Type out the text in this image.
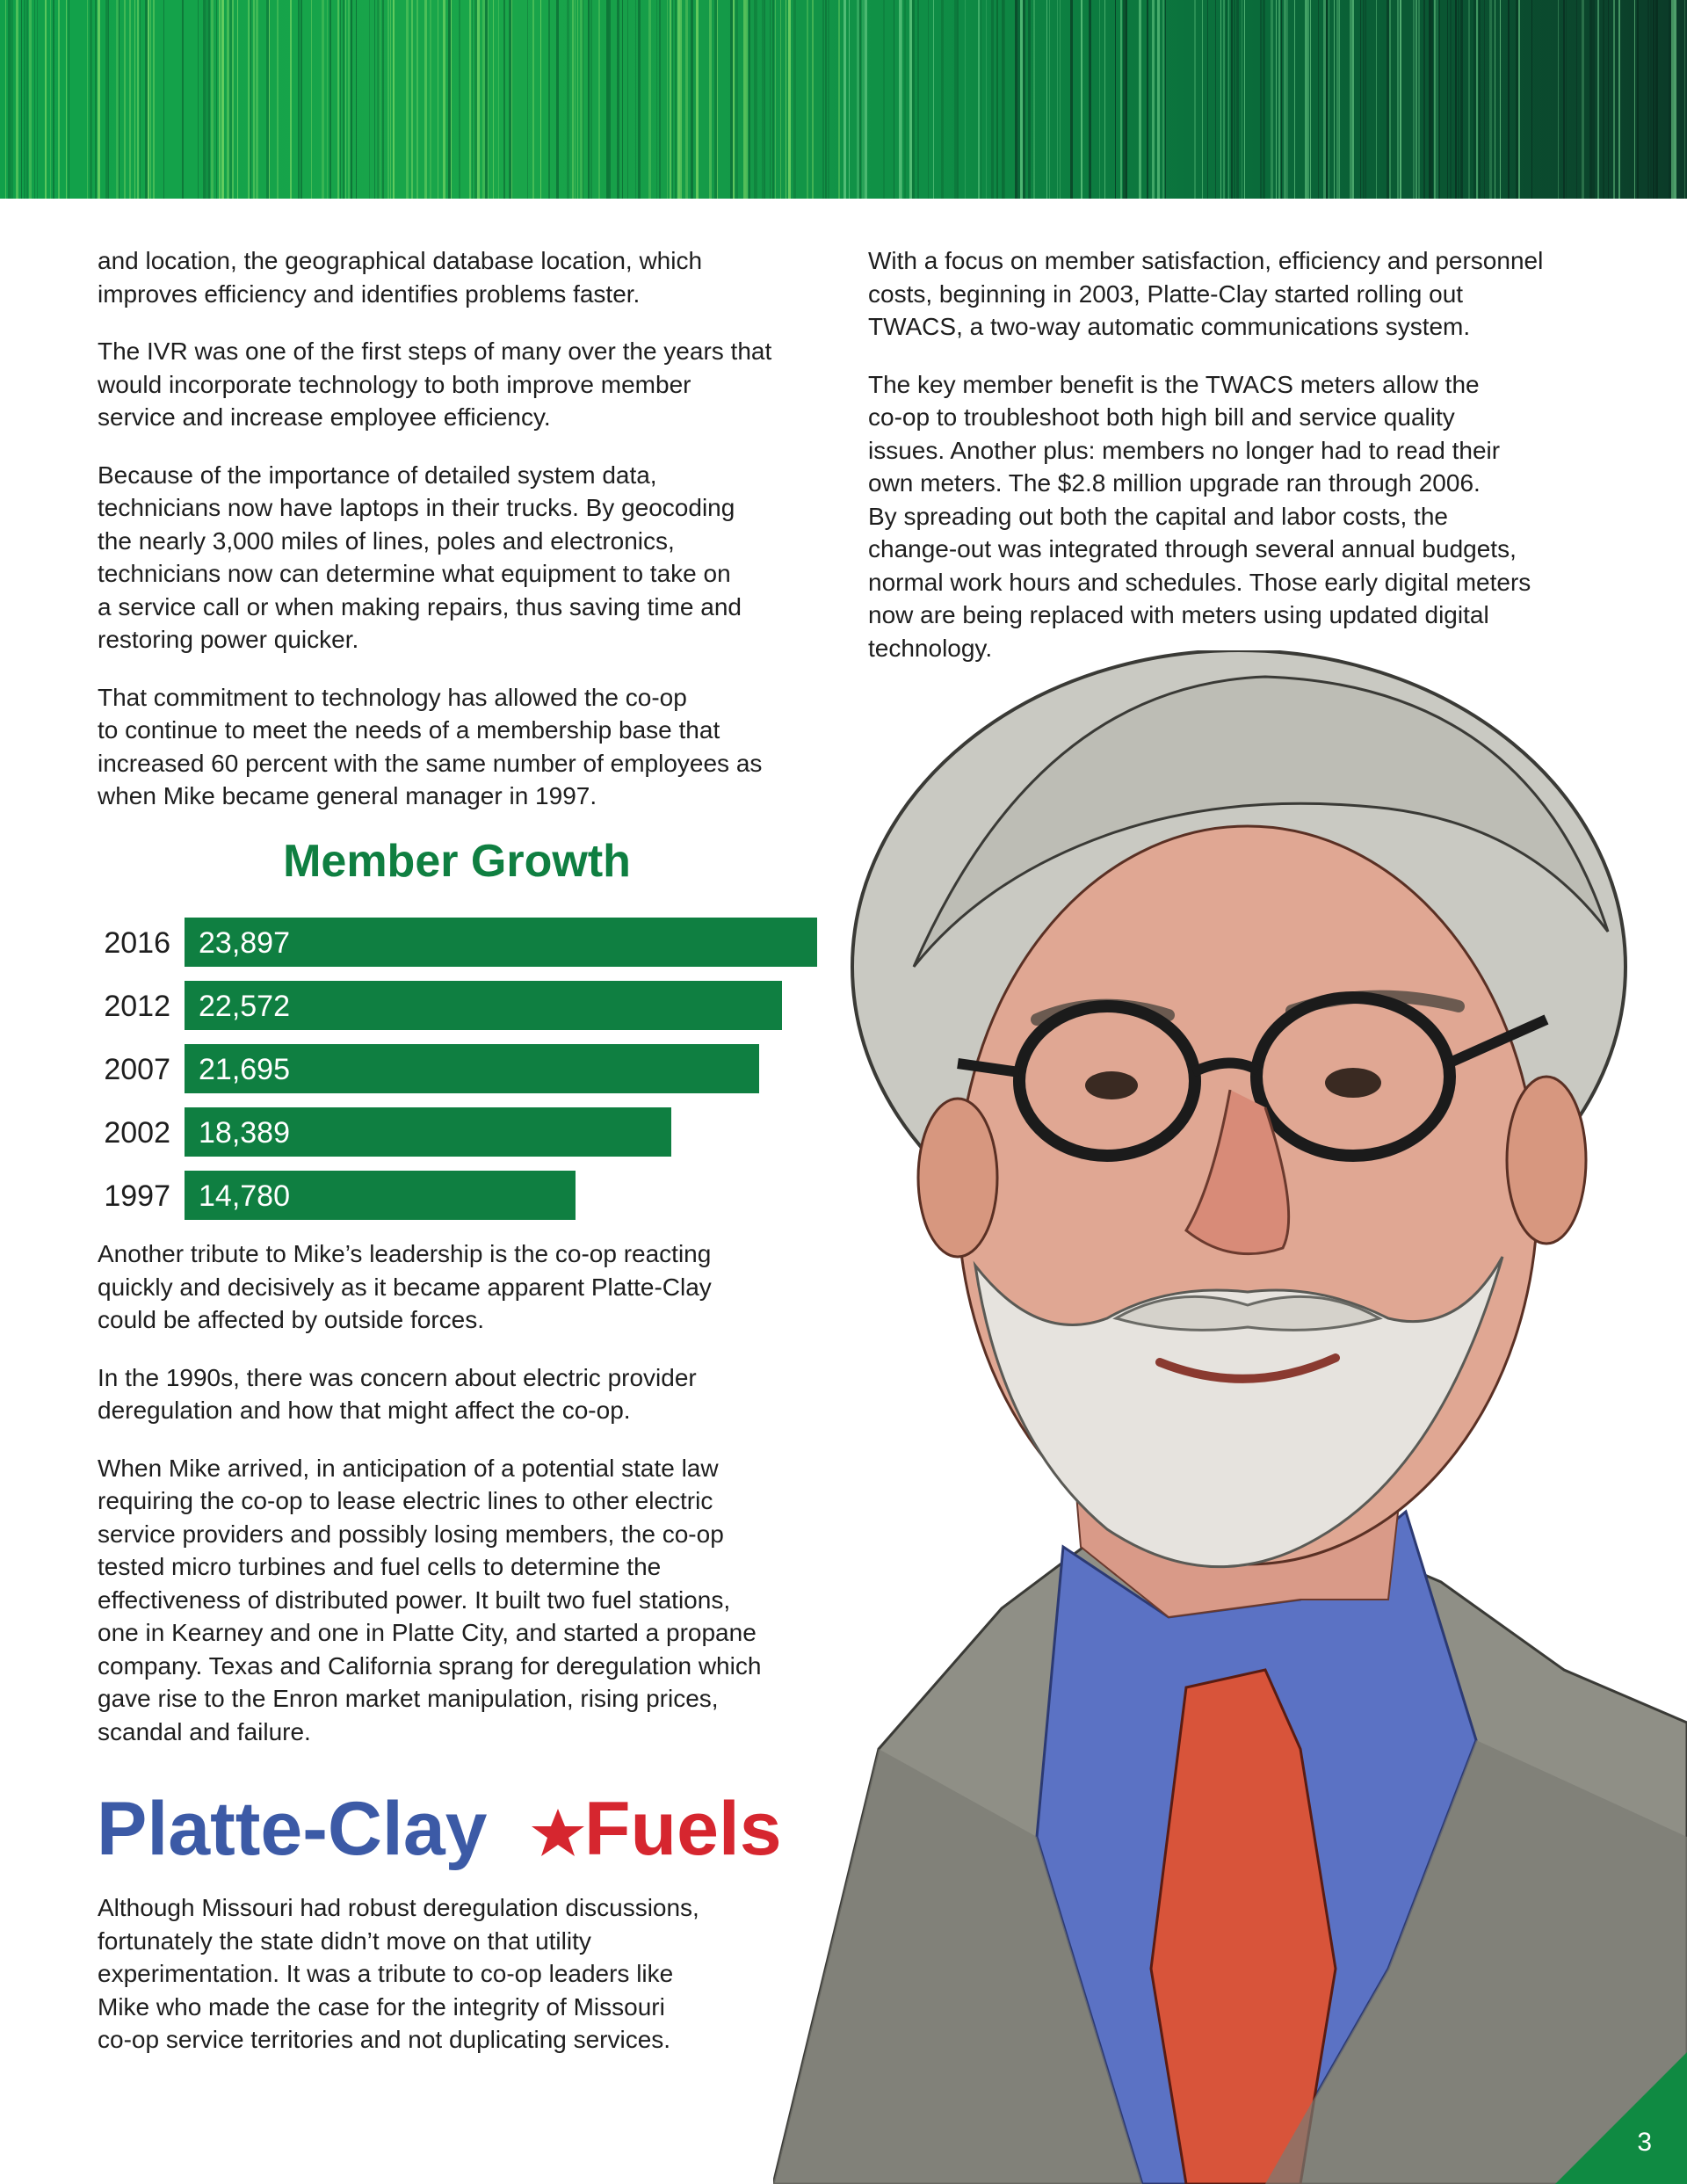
and location, the geographical database location, which
improves efficiency and identifies problems faster.

The IVR was one of the first steps of many over the years that
would incorporate technology to both improve member
service and increase employee efficiency.

Because of the importance of detailed system data,
technicians now have laptops in their trucks. By geocoding
the nearly 3,000 miles of lines, poles and electronics,
technicians now can determine what equipment to take on
a service call or when making repairs, thus saving time and
restoring power quicker.

That commitment to technology has allowed the co-op
to continue to meet the needs of a membership base that
increased 60 percent with the same number of employees as
when Mike became general manager in 1997.

With a focus on member satisfaction, efficiency and personnel
costs, beginning in 2003, Platte-Clay started rolling out
TWACS, a two-way automatic communications system.

The key member benefit is the TWACS meters allow the
co-op to troubleshoot both high bill and service quality
issues. Another plus: members no longer had to read their
own meters. The $2.8 million upgrade ran through 2006.
By spreading out both the capital and labor costs, the
change-out was integrated through several annual budgets,
normal work hours and schedules. Those early digital meters
now are being replaced with meters using updated digital
technology.

Member Growth
2016 23,897
2012 22,572
2007 21,695
2002 18,389
1997 14,780

Another tribute to Mike’s leadership is the co-op reacting
quickly and decisively as it became apparent Platte-Clay
could be affected by outside forces.

In the 1990s, there was concern about electric provider
deregulation and how that might affect the co-op.

When Mike arrived, in anticipation of a potential state law
requiring the co-op to lease electric lines to other electric
service providers and possibly losing members, the co-op
tested micro turbines and fuel cells to determine the
effectiveness of distributed power. It built two fuel stations,
one in Kearney and one in Platte City, and started a propane
company. Texas and California sprang for deregulation which
gave rise to the Enron market manipulation, rising prices,
scandal and failure.

Platte-Clay Fuels

Although Missouri had robust deregulation discussions,
fortunately the state didn’t move on that utility
experimentation. It was a tribute to co-op leaders like
Mike who made the case for the integrity of Missouri
co-op service territories and not duplicating services.

3
